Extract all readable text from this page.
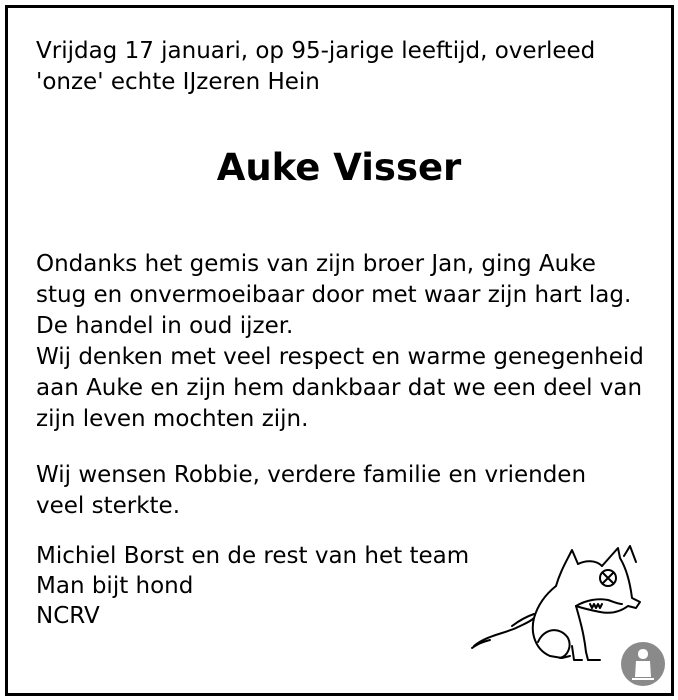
Vrijdag 17 januari, op 95-jarige leeftijd, overleed
'onze' echte IJzeren Hein
Auke Visser
Ondanks het gemis van zijn broer Jan, ging Auke
stug en onvermoeibaar door met waar zijn hart lag.
De handel in oud ijzer.
Wij denken met veel respect en warme genegenheid
aan Auke en zijn hem dankbaar dat we een deel van
zijn leven mochten zijn.
Wij wensen Robbie, verdere familie en vrienden
veel sterkte.
Michiel Borst en de rest van het team
Man bijt hond
NCRV
